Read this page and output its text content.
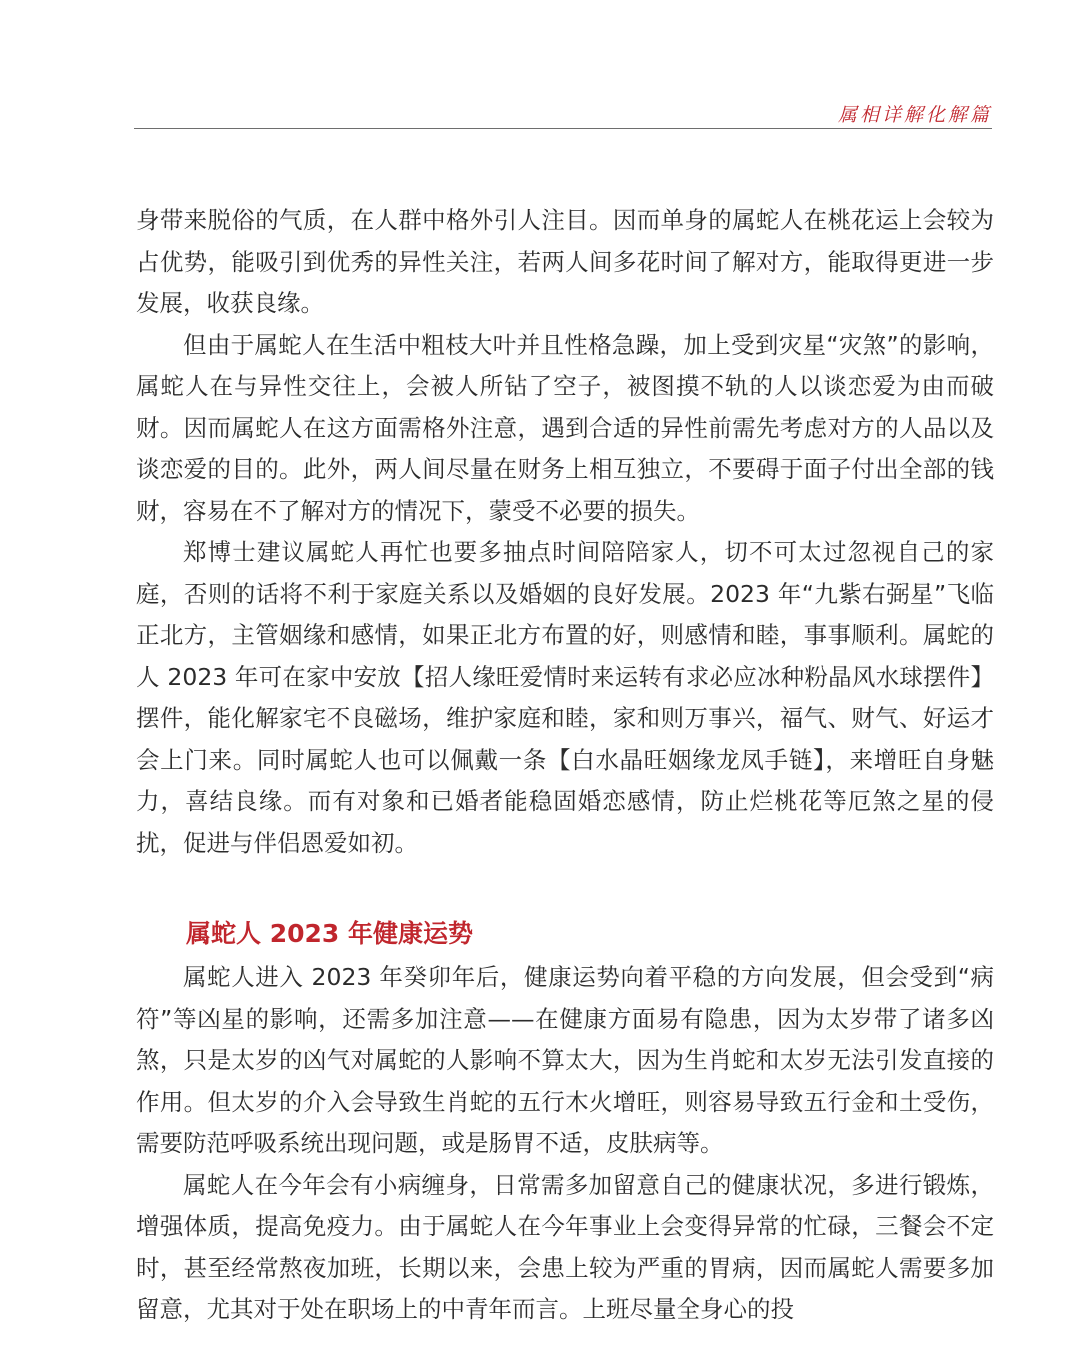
属相详解化解篇

身带来脱俗的气质，在人群中格外引人注目。因而单身的属蛇人在桃花运上会较为占优势，能吸引到优秀的异性关注，若两人间多花时间了解对方，能取得更进一步发展，收获良缘。

但由于属蛇人在生活中粗枝大叶并且性格急躁，加上受到灾星“灾煞”的影响，属蛇人在与异性交往上，会被人所钻了空子，被图摸不轨的人以谈恋爱为由而破财。因而属蛇人在这方面需格外注意，遇到合适的异性前需先考虑对方的人品以及谈恋爱的目的。此外，两人间尽量在财务上相互独立，不要碍于面子付出全部的钱财，容易在不了解对方的情况下，蒙受不必要的损失。

郑博士建议属蛇人再忙也要多抽点时间陪陪家人，切不可太过忽视自己的家庭，否则的话将不利于家庭关系以及婚姻的良好发展。2023 年“九紫右弼星”飞临正北方，主管姻缘和感情，如果正北方布置的好，则感情和睦，事事顺利。属蛇的人 2023 年可在家中安放【招人缘旺爱情时来运转有求必应冰种粉晶风水球摆件】摆件，能化解家宅不良磁场，维护家庭和睦，家和则万事兴，福气、财气、好运才会上门来。同时属蛇人也可以佩戴一条【白水晶旺姻缘龙凤手链】，来增旺自身魅力，喜结良缘。而有对象和已婚者能稳固婚恋感情，防止烂桃花等厄煞之星的侵扰，促进与伴侣恩爱如初。

属蛇人 2023 年健康运势

属蛇人进入 2023 年癸卯年后，健康运势向着平稳的方向发展，但会受到“病符”等凶星的影响，还需多加注意——在健康方面易有隐患，因为太岁带了诸多凶煞，只是太岁的凶气对属蛇的人影响不算太大，因为生肖蛇和太岁无法引发直接的作用。但太岁的介入会导致生肖蛇的五行木火增旺，则容易导致五行金和土受伤，需要防范呼吸系统出现问题，或是肠胃不适，皮肤病等。

属蛇人在今年会有小病缠身，日常需多加留意自己的健康状况，多进行锻炼，增强体质，提高免疫力。由于属蛇人在今年事业上会变得异常的忙碌，三餐会不定时，甚至经常熬夜加班，长期以来，会患上较为严重的胃病，因而属蛇人需要多加留意，尤其对于处在职场上的中青年而言。上班尽量全身心的投
